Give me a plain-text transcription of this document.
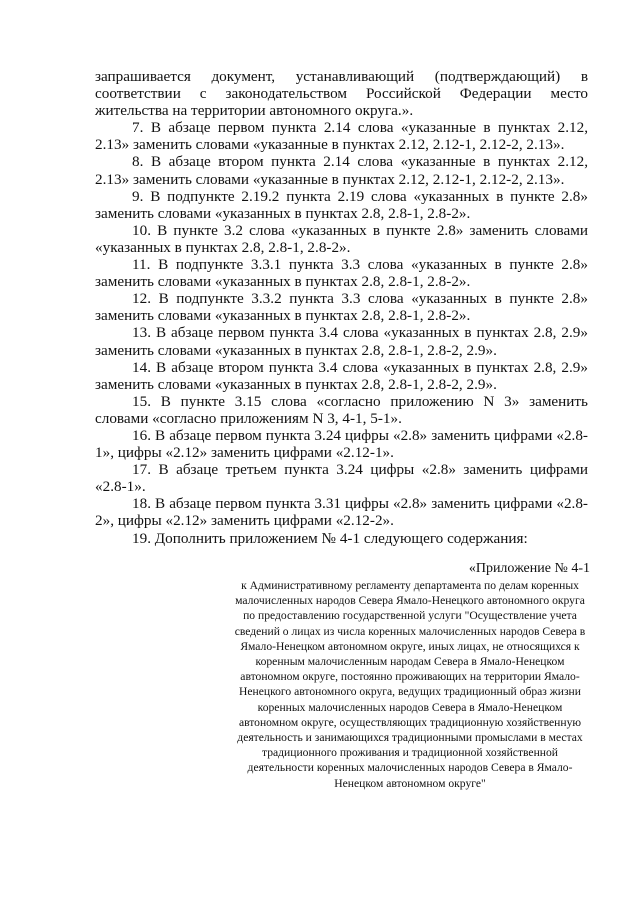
запрашивается документ, устанавливающий (подтверждающий) в соответствии с законодательством Российской Федерации место жительства на территории автономного округа.».

7. В абзаце первом пункта 2.14 слова «указанные в пунктах 2.12, 2.13» заменить словами «указанные в пунктах 2.12, 2.12-1, 2.12-2, 2.13».

8. В абзаце втором пункта 2.14 слова «указанные в пунктах 2.12, 2.13» заменить словами «указанные в пунктах 2.12, 2.12-1, 2.12-2, 2.13».

9. В подпункте 2.19.2 пункта 2.19 слова «указанных в пункте 2.8» заменить словами «указанных в пунктах 2.8, 2.8-1, 2.8-2».

10. В пункте 3.2 слова «указанных в пункте 2.8» заменить словами «указанных в пунктах 2.8, 2.8-1, 2.8-2».

11. В подпункте 3.3.1 пункта 3.3 слова «указанных в пункте 2.8» заменить словами «указанных в пунктах 2.8, 2.8-1, 2.8-2».

12. В подпункте 3.3.2 пункта 3.3 слова «указанных в пункте 2.8» заменить словами «указанных в пунктах 2.8, 2.8-1, 2.8-2».

13. В абзаце первом пункта 3.4 слова «указанных в пунктах 2.8, 2.9» заменить словами «указанных в пунктах 2.8, 2.8-1, 2.8-2, 2.9».

14. В абзаце втором пункта 3.4 слова «указанных в пунктах 2.8, 2.9» заменить словами «указанных в пунктах 2.8, 2.8-1, 2.8-2, 2.9».

15. В пункте 3.15 слова «согласно приложению N 3» заменить словами «согласно приложениям N 3, 4-1, 5-1».

16. В абзаце первом пункта 3.24 цифры «2.8» заменить цифрами «2.8-1», цифры «2.12» заменить цифрами «2.12-1».

17. В абзаце третьем пункта 3.24 цифры «2.8» заменить цифрами «2.8-1».

18. В абзаце первом пункта 3.31 цифры «2.8» заменить цифрами «2.8-2», цифры «2.12» заменить цифрами «2.12-2».

19. Дополнить приложением № 4-1 следующего содержания:

«Приложение № 4-1

к Административному регламенту департамента по делам коренных малочисленных народов Севера Ямало-Ненецкого автономного округа по предоставлению государственной услуги "Осуществление учета сведений о лицах из числа коренных малочисленных народов Севера в Ямало-Ненецком автономном округе, иных лицах, не относящихся к коренным малочисленным народам Севера в Ямало-Ненецком автономном округе, постоянно проживающих на территории Ямало-Ненецкого автономного округа, ведущих традиционный образ жизни коренных малочисленных народов Севера в Ямало-Ненецком автономном округе, осуществляющих традиционную хозяйственную деятельность и занимающихся традиционными промыслами в местах традиционного проживания и традиционной хозяйственной деятельности коренных малочисленных народов Севера в Ямало-Ненецком автономном округе"
